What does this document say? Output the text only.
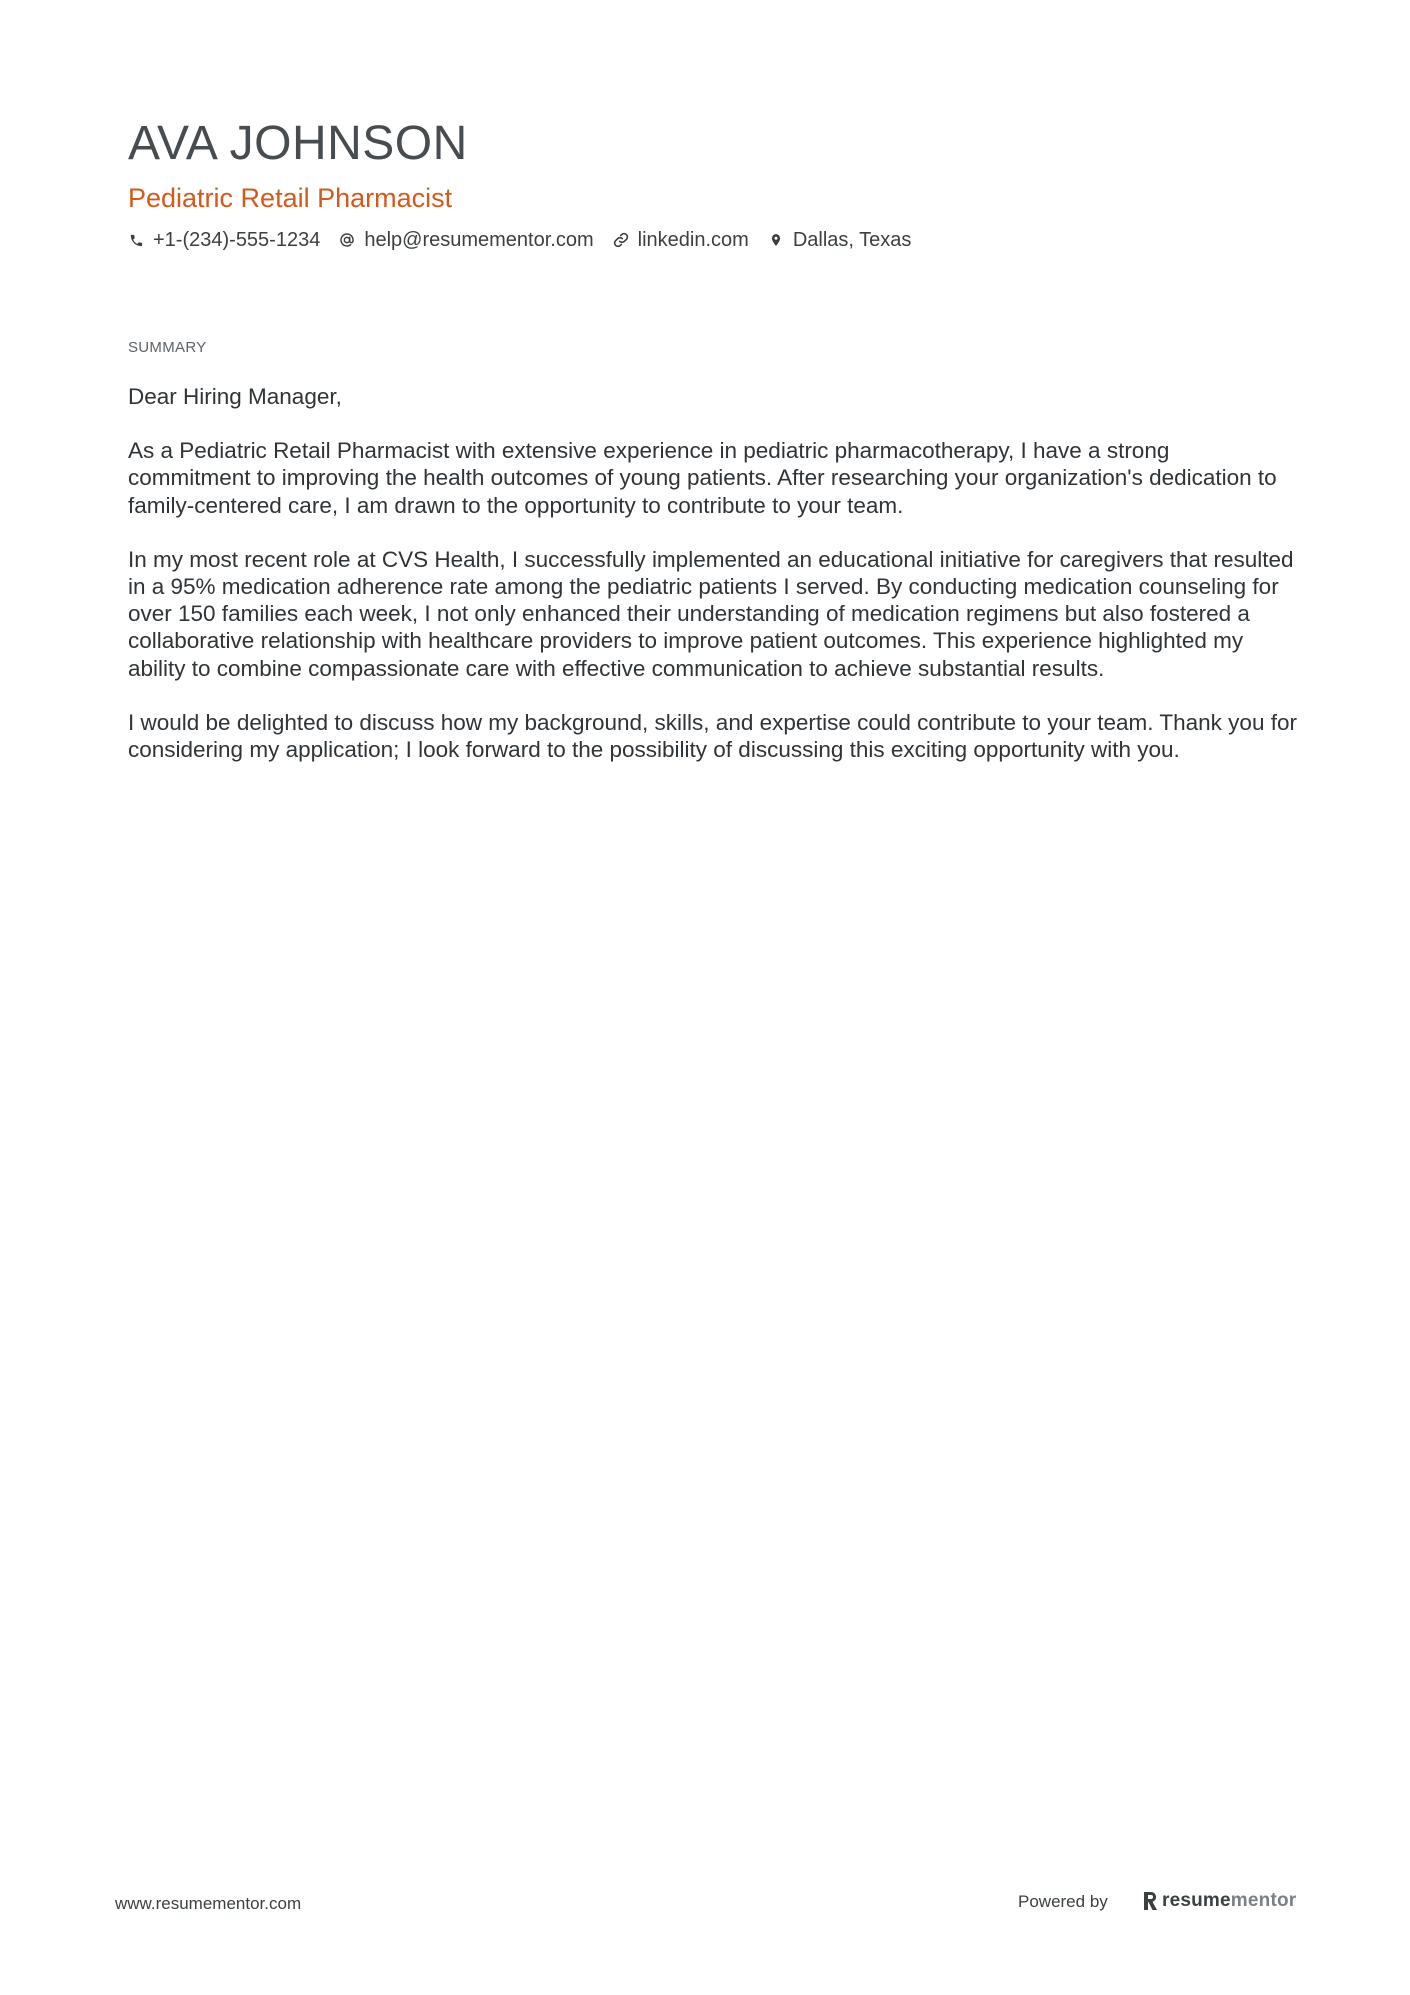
AVA JOHNSON
Pediatric Retail Pharmacist
+1-(234)-555-1234 help@resumementor.com linkedin.com Dallas, Texas
SUMMARY

Dear Hiring Manager,

As a Pediatric Retail Pharmacist with extensive experience in pediatric pharmacotherapy, I have a strong commitment to improving the health outcomes of young patients. After researching your organization's dedication to family-centered care, I am drawn to the opportunity to contribute to your team.

In my most recent role at CVS Health, I successfully implemented an educational initiative for caregivers that resulted in a 95% medication adherence rate among the pediatric patients I served. By conducting medication counseling for over 150 families each week, I not only enhanced their understanding of medication regimens but also fostered a collaborative relationship with healthcare providers to improve patient outcomes. This experience highlighted my ability to combine compassionate care with effective communication to achieve substantial results.

I would be delighted to discuss how my background, skills, and expertise could contribute to your team. Thank you for considering my application; I look forward to the possibility of discussing this exciting opportunity with you.

www.resumementor.com	Powered by	resume mentor
